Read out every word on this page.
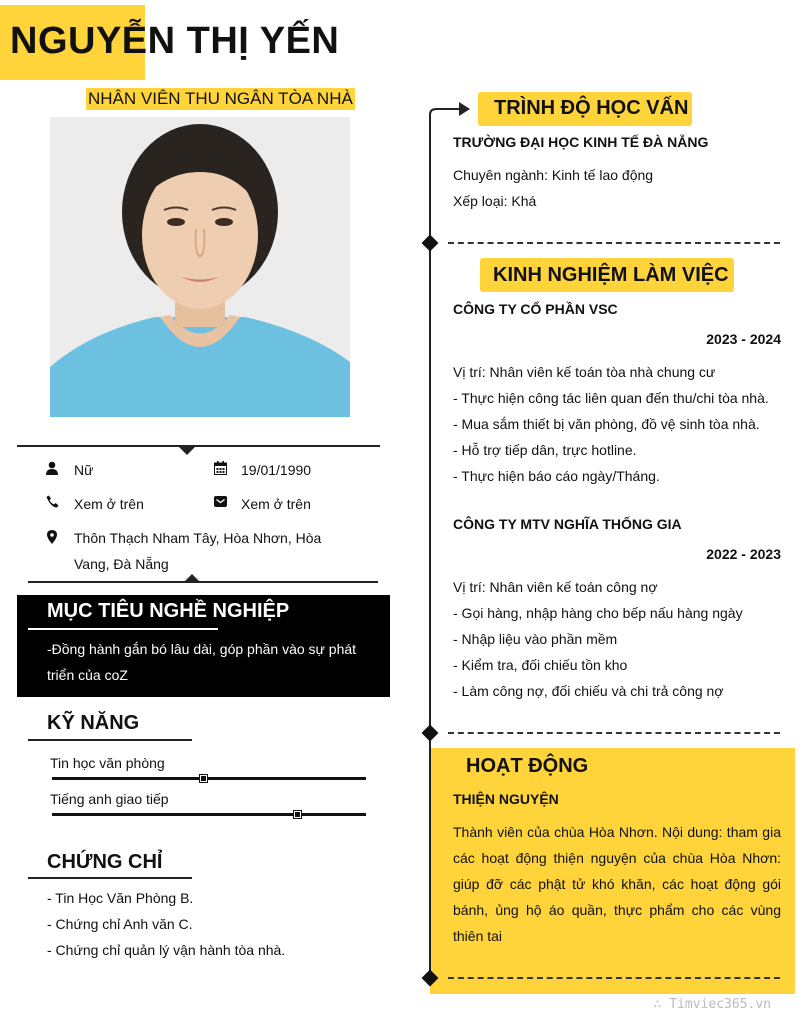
NGUYỄN THỊ YẾN
NHÂN VIÊN THU NGÂN TÒA NHÀ
Nữ	19/01/1990
Xem ở trên	Xem ở trên
Thôn Thạch Nham Tây, Hòa Nhơn, Hòa
Vang, Đà Nẵng
MỤC TIÊU NGHỀ NGHIỆP
-Đồng hành gắn bó lâu dài, góp phần vào sự phát triển của coZ
KỸ NĂNG
Tin học văn phòng
Tiếng anh giao tiếp
CHỨNG CHỈ
- Tin Học Văn Phòng B.
- Chứng chỉ Anh văn C.
- Chứng chỉ quản lý vận hành tòa nhà.
TRÌNH ĐỘ HỌC VẤN
TRƯỜNG ĐẠI HỌC KINH TẾ ĐÀ NẴNG
Chuyên ngành: Kinh tế lao động
Xếp loại: Khá
KINH NGHIỆM LÀM VIỆC
CÔNG TY CỔ PHẦN VSC
2023 - 2024
Vị trí: Nhân viên kế toán tòa nhà chung cư
- Thực hiện công tác liên quan đến thu/chi tòa nhà.
- Mua sắm thiết bị văn phòng, đồ vệ sinh tòa nhà.
- Hỗ trợ tiếp dân, trực hotline.
- Thực hiện báo cáo ngày/Tháng.
CÔNG TY MTV NGHĨA THỐNG GIA
2022 - 2023
Vị trí: Nhân viên kế toán công nợ
- Gọi hàng, nhập hàng cho bếp nấu hàng ngày
- Nhập liệu vào phần mềm
- Kiểm tra, đối chiếu tồn kho
- Làm công nợ, đối chiếu và chi trả công nợ
HOẠT ĐỘNG
THIỆN NGUYỆN
Thành viên của chùa Hòa Nhơn. Nội dung: tham gia các hoạt động thiện nguyện của chùa Hòa Nhơn: giúp đỡ các phật tử khó khăn, các hoạt động gói bánh, ủng hộ áo quần, thực phẩm cho các vùng thiên tai
∴ Timviec365.vn
